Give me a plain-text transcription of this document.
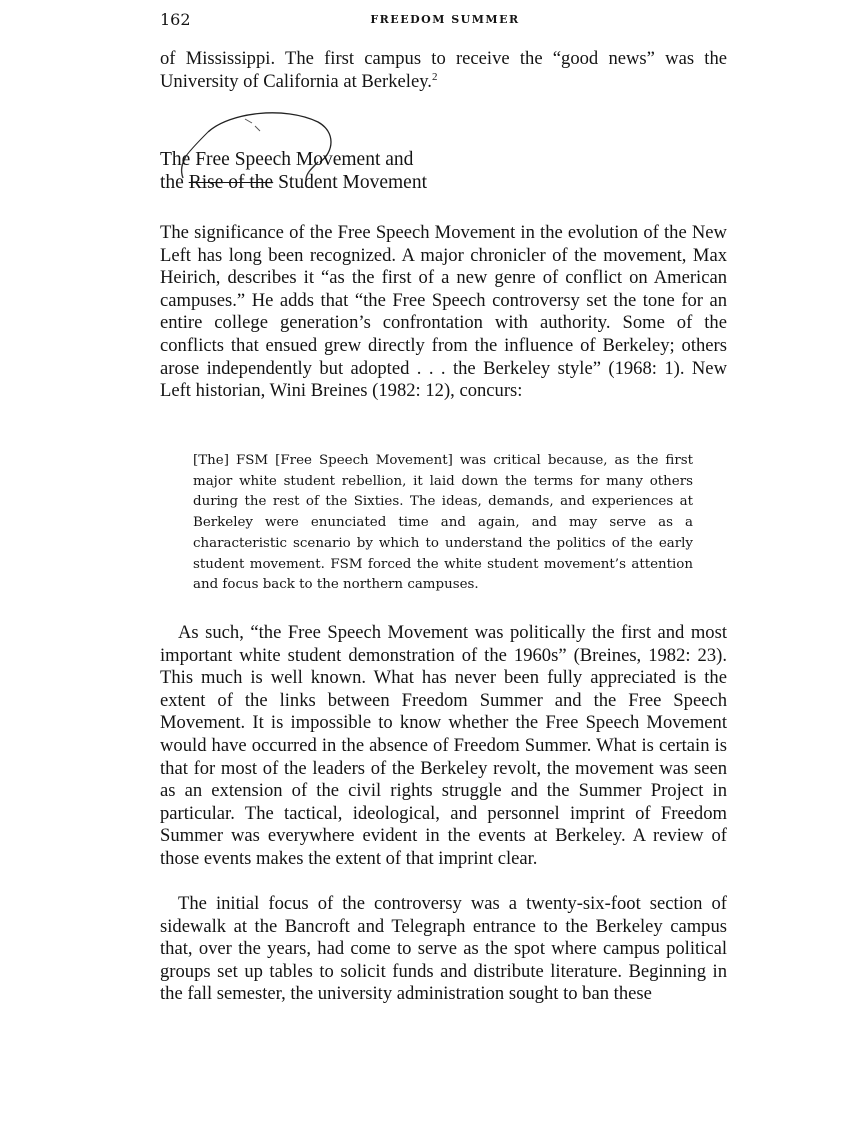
162	FREEDOM SUMMER

of Mississippi. The first campus to receive the “good news” was the University of California at Berkeley.$^2$

The Free Speech Movement and
the Rise of the Student Movement

The significance of the Free Speech Movement in the evolution of the New Left has long been recognized. A major chronicler of the movement, Max Heirich, describes it “as the first of a new genre of conflict on American campuses.” He adds that “the Free Speech controversy set the tone for an entire college generation’s confrontation with authority. Some of the conflicts that ensued grew directly from the influence of Berkeley; others arose independently but adopted . . . the Berkeley style” (1968: 1). New Left historian, Wini Breines (1982: 12), concurs:

[The] FSM [Free Speech Movement] was critical because, as the first major white student rebellion, it laid down the terms for many others during the rest of the Sixties. The ideas, demands, and experiences at Berkeley were enunciated time and again, and may serve as a characteristic scenario by which to understand the politics of the early student movement. FSM forced the white student movement’s attention and focus back to the northern campuses.

As such, “the Free Speech Movement was politically the first and most important white student demonstration of the 1960s” (Breines, 1982: 23). This much is well known. What has never been fully appreciated is the extent of the links between Freedom Summer and the Free Speech Movement. It is impossible to know whether the Free Speech Movement would have occurred in the absence of Freedom Summer. What is certain is that for most of the leaders of the Berkeley revolt, the movement was seen as an extension of the civil rights struggle and the Summer Project in particular. The tactical, ideological, and personnel imprint of Freedom Summer was everywhere evident in the events at Berkeley. A review of those events makes the extent of that imprint clear.

The initial focus of the controversy was a twenty-six-foot section of sidewalk at the Bancroft and Telegraph entrance to the Berkeley campus that, over the years, had come to serve as the spot where campus political groups set up tables to solicit funds and distribute literature. Beginning in the fall semester, the university administration sought to ban these
